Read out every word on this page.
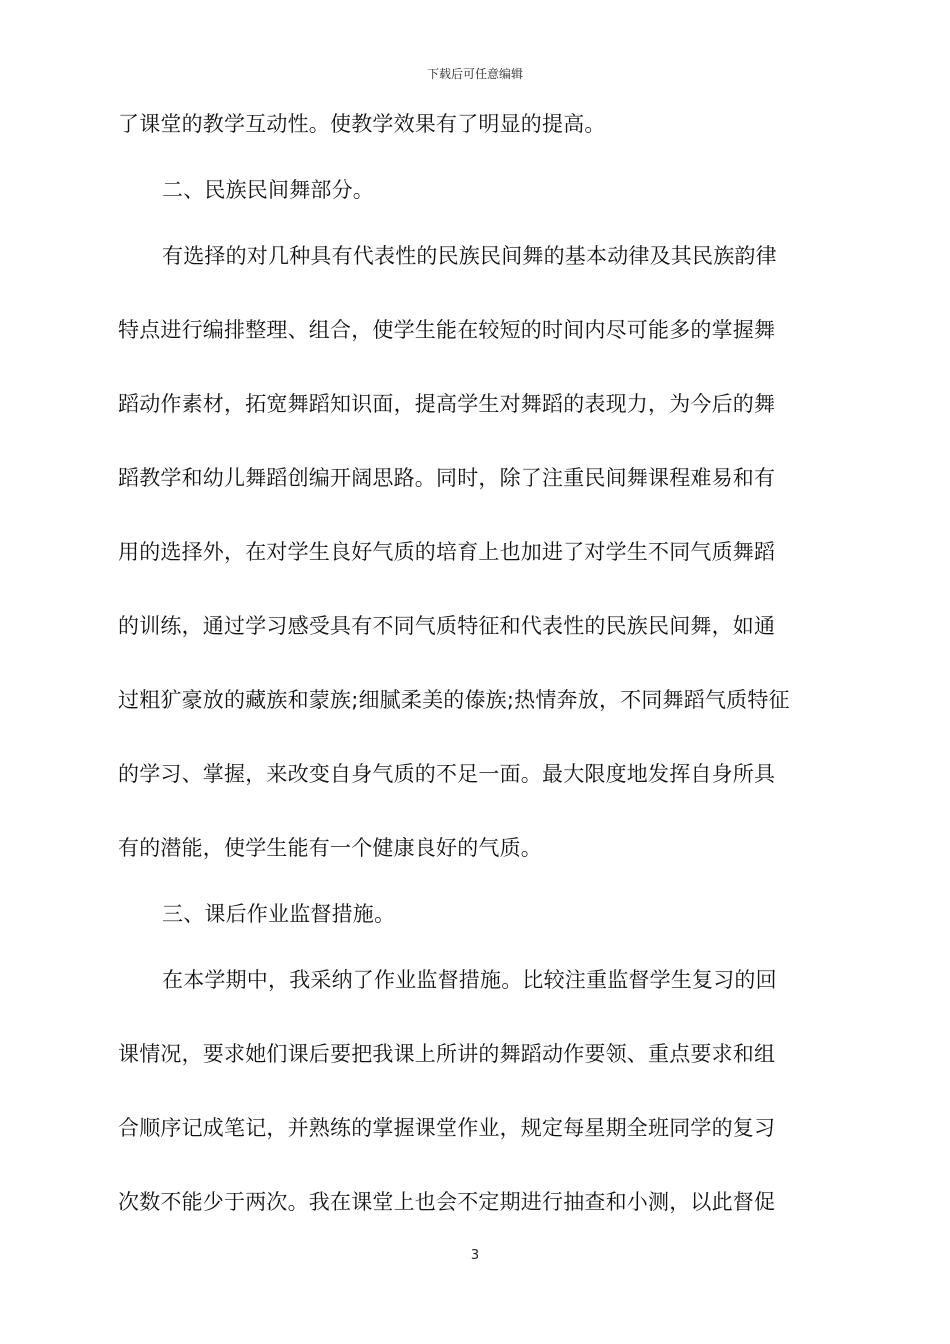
下载后可任意编辑
了课堂的教学互动性。使教学效果有了明显的提高。
二、民族民间舞部分。
有选择的对几种具有代表性的民族民间舞的基本动律及其民族韵律
特点进行编排整理、组合，使学生能在较短的时间内尽可能多的掌握舞
蹈动作素材，拓宽舞蹈知识面，提高学生对舞蹈的表现力，为今后的舞
蹈教学和幼儿舞蹈创编开阔思路。同时，除了注重民间舞课程难易和有
用的选择外，在对学生良好气质的培育上也加进了对学生不同气质舞蹈
的训练，通过学习感受具有不同气质特征和代表性的民族民间舞，如通
过粗犷豪放的藏族和蒙族;细腻柔美的傣族;热情奔放，不同舞蹈气质特征
的学习、掌握，来改变自身气质的不足一面。最大限度地发挥自身所具
有的潜能，使学生能有一个健康良好的气质。
三、课后作业监督措施。
在本学期中，我采纳了作业监督措施。比较注重监督学生复习的回
课情况，要求她们课后要把我课上所讲的舞蹈动作要领、重点要求和组
合顺序记成笔记，并熟练的掌握课堂作业，规定每星期全班同学的复习
次数不能少于两次。我在课堂上也会不定期进行抽查和小测，以此督促
3
